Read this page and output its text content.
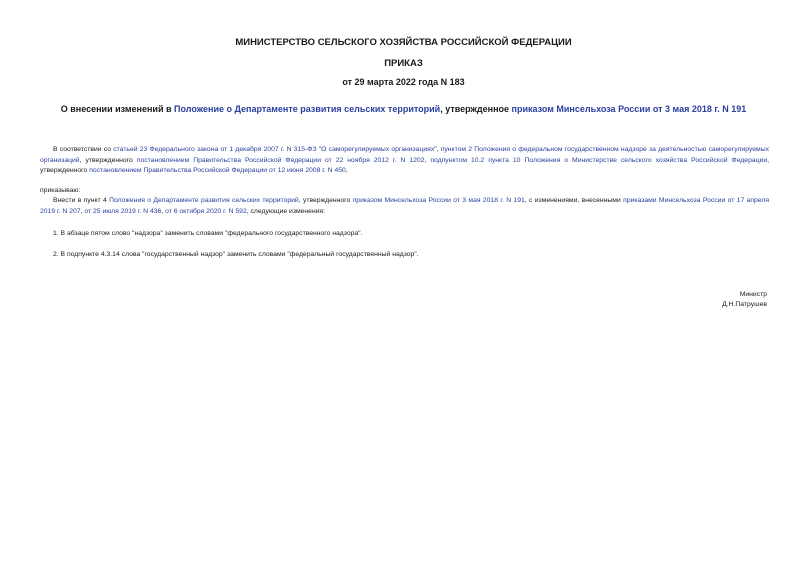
МИНИСТЕРСТВО СЕЛЬСКОГО ХОЗЯЙСТВА РОССИЙСКОЙ ФЕДЕРАЦИИ
ПРИКАЗ
от 29 марта 2022 года N 183
О внесении изменений в Положение о Департаменте развития сельских территорий, утвержденное приказом Минсельхоза России от 3 мая 2018 г. N 191
В соответствии со статьей 23 Федерального закона от 1 декабря 2007 г. N 315-ФЗ "О саморегулируемых организациях", пунктом 2 Положения о федеральном государственном надзоре за деятельностью саморегулируемых организаций, утвержденного постановлением Правительства Российской Федерации от 22 ноября 2012 г. N 1202, подпунктом 10.2 пункта 10 Положения о Министерстве сельского хозяйства Российской Федерации, утвержденного постановлением Правительства Российской Федерации от 12 июня 2008 г. N 450,
приказываю:
Внести в пункт 4 Положения о Департаменте развития сельских территорий, утвержденного приказом Минсельхоза России от 3 мая 2018 г. N 191, с изменениями, внесенными приказами Минсельхоза России от 17 апреля 2019 г. N 207, от 25 июля 2019 г. N 436, от 6 октября 2020 г. N 592, следующие изменения:
1. В абзаце пятом слово "надзора" заменить словами "федерального государственного надзора".
2. В подпункте 4.3.14 слова "государственный надзор" заменить словами "федеральный государственный надзор".
Министр
Д.Н.Патрушев
